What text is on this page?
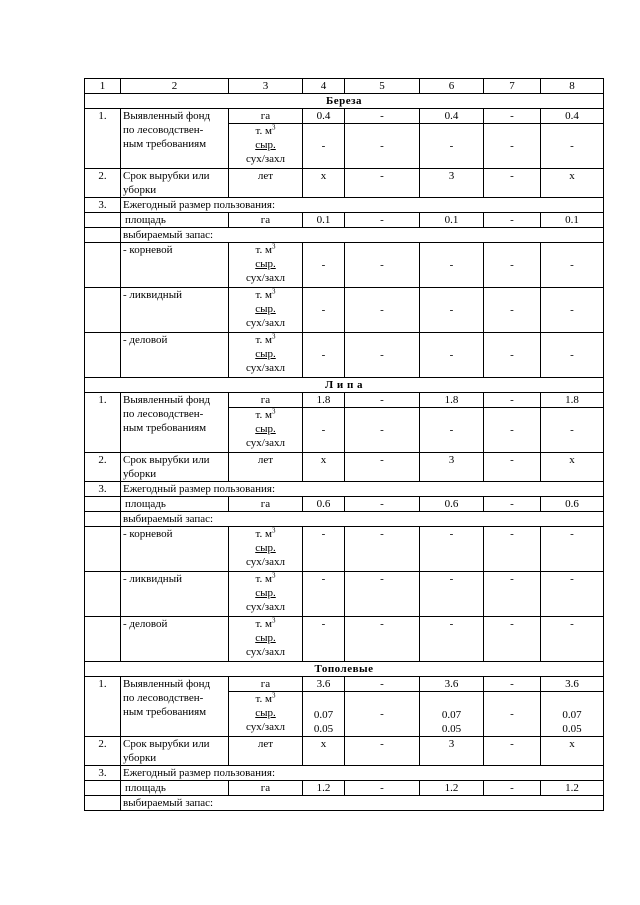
1	2	3	4	5	6	7	8
Береза							
1.	Выявленный фонд
по лесоводствен-
ным требованиям	га	0.4	-	0.4	-	0.4

		т. $м^3$
сыр.
сух/захл	-	-	-	-	-

2.	Срок вырубки или
уборки	лет	х	-	3	-	х
3.	Ежегодный размер пользования:						
	площадь	га	0.1	-	0.1	-	0.1
	выбираемый запас:						
	- корневой	т. $м^3$
сыр.
сух/захл	-	-	-	-	-
	- ликвидный	т. $м^3$
сыр.
сух/захл	-	-	-	-	-
	- деловой	т. $м^3$
сыр.
сух/захл	-	-	-	-	-
Л и п а							
1.	Выявленный фонд
по лесоводствен-
ным требованиям	га	1.8	-	1.8	-	1.8

		т. $м^3$
сыр.
сух/захл	-	-	-	-	-

2.	Срок вырубки или
уборки	лет	х	-	3	-	х
3.	Ежегодный размер пользования:						
	площадь	га	0.6	-	0.6	-	0.6
	выбираемый запас:						
	- корневой	т. $м^3$
сыр.
сух/захл	-	-	-	-	-
	- ликвидный	т. $м^3$
сыр.
сух/захл	-	-	-	-	-
	- деловой	т. $м^3$
сыр.
сух/захл	-	-	-	-	-
Тополевые							
1.	Выявленный фонд
по лесоводствен-
ным требованиям	га	3.6	-	3.6	-	3.6

		т. $м^3$
сыр.
сух/захл	0.07
0.05	-	0.07
0.05	-	0.07
0.05

2.	Срок вырубки или
уборки	лет	х	-	3	-	х
3.	Ежегодный размер пользования:						
	площадь	га	1.2	-	1.2	-	1.2
	выбираемый запас:						
